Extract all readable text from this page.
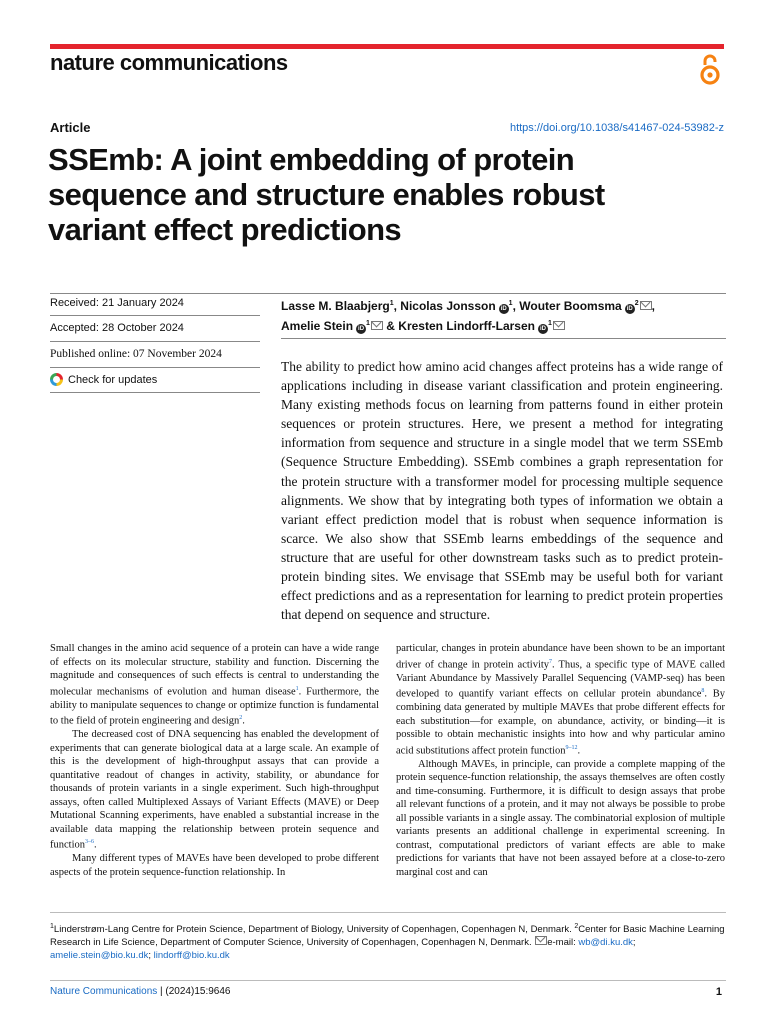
nature communications
Article	https://doi.org/10.1038/s41467-024-53982-z
SSEmb: A joint embedding of protein sequence and structure enables robust variant effect predictions
Received: 21 January 2024
Accepted: 28 October 2024
Published online: 07 November 2024
Check for updates
Lasse M. Blaabjerg$^1$, Nicolas Jonsson $iD^1$, Wouter Boomsma $iD^2$ ,
Amelie Stein $iD^1$ & Kresten Lindorff-Larsen $iD^1$

The ability to predict how amino acid changes affect proteins has a wide range of applications including in disease variant classification and protein engineering. Many existing methods focus on learning from patterns found in either protein sequences or protein structures. Here, we present a method for integrating information from sequence and structure in a single model that we term SSEmb (Sequence Structure Embedding). SSEmb combines a graph representation for the protein structure with a transformer model for processing multiple sequence alignments. We show that by integrating both types of information we obtain a variant effect prediction model that is robust when sequence information is scarce. We also show that SSEmb learns embeddings of the sequence and structure that are useful for other downstream tasks such as to predict protein-protein binding sites. We envisage that SSEmb may be useful both for variant effect predictions and as a representation for learning to predict protein properties that depend on sequence and structure.

Small changes in the amino acid sequence of a protein can have a wide range of effects on its molecular structure, stability and function. Discerning the magnitude and consequences of such effects is central to understanding the molecular mechanisms of evolution and human disease$^1$. Furthermore, the ability to manipulate sequences to change or optimize function is fundamental to the field of protein engineering and design$^2$.

The decreased cost of DNA sequencing has enabled the development of experiments that can generate biological data at a large scale. An example of this is the development of high-throughput assays that can provide a quantitative readout of changes in activity, stability, or abundance for thousands of protein variants in a single experiment. Such high-throughput assays, often called Multiplexed Assays of Variant Effects (MAVE) or Deep Mutational Scanning experiments, have enabled a substantial increase in the available data mapping the relationship between protein sequence and function$^{3-6}$.

Many different types of MAVEs have been developed to probe different aspects of the protein sequence-function relationship. In

particular, changes in protein abundance have been shown to be an important driver of change in protein activity$^7$. Thus, a specific type of MAVE called Variant Abundance by Massively Parallel Sequencing (VAMP-seq) has been developed to quantify variant effects on cellular protein abundance$^8$. By combining data generated by multiple MAVEs that probe different effects for each substitution—for example, on abundance, activity, or binding—it is possible to obtain mechanistic insights into how and why particular amino acid substitutions affect protein function$^{9-12}$.

Although MAVEs, in principle, can provide a complete mapping of the protein sequence-function relationship, the assays themselves are often costly and time-consuming. Furthermore, it is difficult to design assays that probe all relevant functions of a protein, and it may not always be possible to probe all possible variants in a single assay. The combinatorial explosion of multiple variants presents an additional challenge in experimental screening. In contrast, computational predictors of variant effects are able to make predictions for variants that have not been assayed before at a close-to-zero marginal cost and can

$^1$Linderstrøm-Lang Centre for Protein Science, Department of Biology, University of Copenhagen, Copenhagen N, Denmark. $^2$Center for Basic Machine Learning Research in Life Science, Department of Computer Science, University of Copenhagen, Copenhagen N, Denmark. e-mail: wb@di.ku.dk; amelie.stein@bio.ku.dk; lindorff@bio.ku.dk
Nature Communications | (2024)15:9646	1
